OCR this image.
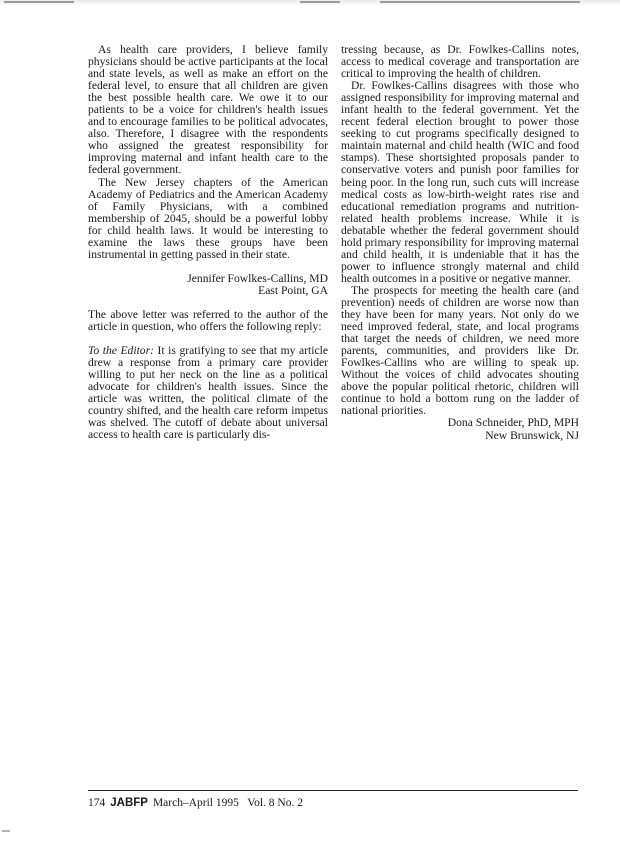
As health care providers, I believe family physicians should be active participants at the local and state levels, as well as make an effort on the federal level, to ensure that all children are given the best possible health care. We owe it to our patients to be a voice for children's health issues and to encourage families to be political advocates, also. Therefore, I disagree with the respondents who assigned the greatest responsibility for improving maternal and infant health care to the federal government.

The New Jersey chapters of the American Academy of Pediatrics and the American Academy of Family Physicians, with a combined membership of 2045, should be a powerful lobby for child health laws. It would be interesting to examine the laws these groups have been instrumental in getting passed in their state.

Jennifer Fowlkes-Callins, MD

East Point, GA

The above letter was referred to the author of the article in question, who offers the following reply:

To the Editor: It is gratifying to see that my article drew a response from a primary care provider willing to put her neck on the line as a political advocate for children's health issues. Since the article was written, the political climate of the country shifted, and the health care reform impetus was shelved. The cutoff of debate about universal access to health care is particularly dis-

tressing because, as Dr. Fowlkes-Callins notes, access to medical coverage and transportation are critical to improving the health of children.

Dr. Fowlkes-Callins disagrees with those who assigned responsibility for improving maternal and infant health to the federal government. Yet the recent federal election brought to power those seeking to cut programs specifically designed to maintain maternal and child health (WIC and food stamps). These shortsighted proposals pander to conservative voters and punish poor families for being poor. In the long run, such cuts will increase medical costs as low-birth-weight rates rise and educational remediation programs and nutrition-related health problems increase. While it is debatable whether the federal government should hold primary responsibility for improving maternal and child health, it is undeniable that it has the power to influence strongly maternal and child health outcomes in a positive or negative manner.

The prospects for meeting the health care (and prevention) needs of children are worse now than they have been for many years. Not only do we need improved federal, state, and local programs that target the needs of children, we need more parents, communities, and providers like Dr. Fowlkes-Callins who are willing to speak up. Without the voices of child advocates shouting above the popular political rhetoric, children will continue to hold a bottom rung on the ladder of national priorities.

Dona Schneider, PhD, MPH

New Brunswick, NJ

174 JABFP March–April 1995   Vol. 8 No. 2
